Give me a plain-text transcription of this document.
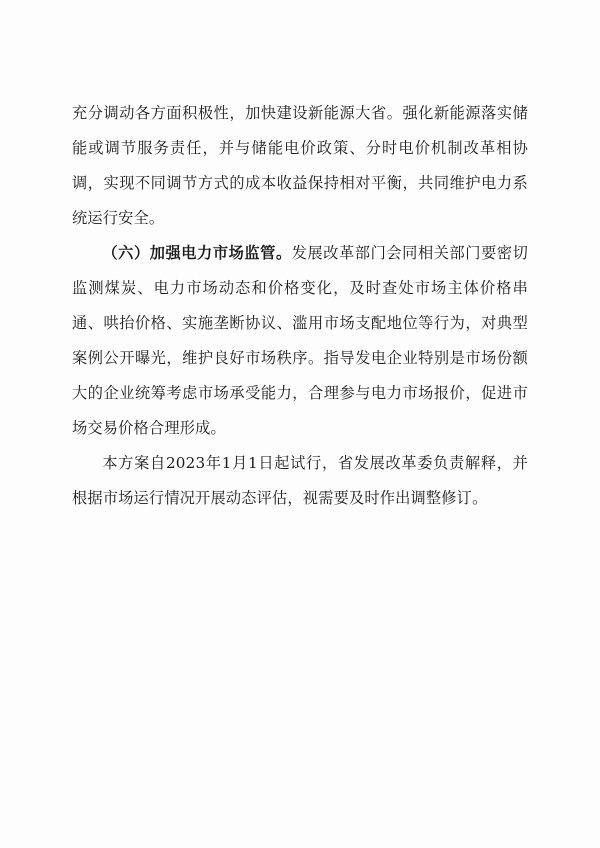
充分调动各方面积极性，加快建设新能源大省。强化新能源落实储能或调节服务责任，并与储能电价政策、分时电价机制改革相协调，实现不同调节方式的成本收益保持相对平衡，共同维护电力系统运行安全。

（六）加强电力市场监管。发展改革部门会同相关部门要密切监测煤炭、电力市场动态和价格变化，及时查处市场主体价格串通、哄抬价格、实施垄断协议、滥用市场支配地位等行为，对典型案例公开曝光，维护良好市场秩序。指导发电企业特别是市场份额大的企业统筹考虑市场承受能力，合理参与电力市场报价，促进市场交易价格合理形成。

本方案自2023年1月1日起试行，省发展改革委负责解释，并根据市场运行情况开展动态评估，视需要及时作出调整修订。
